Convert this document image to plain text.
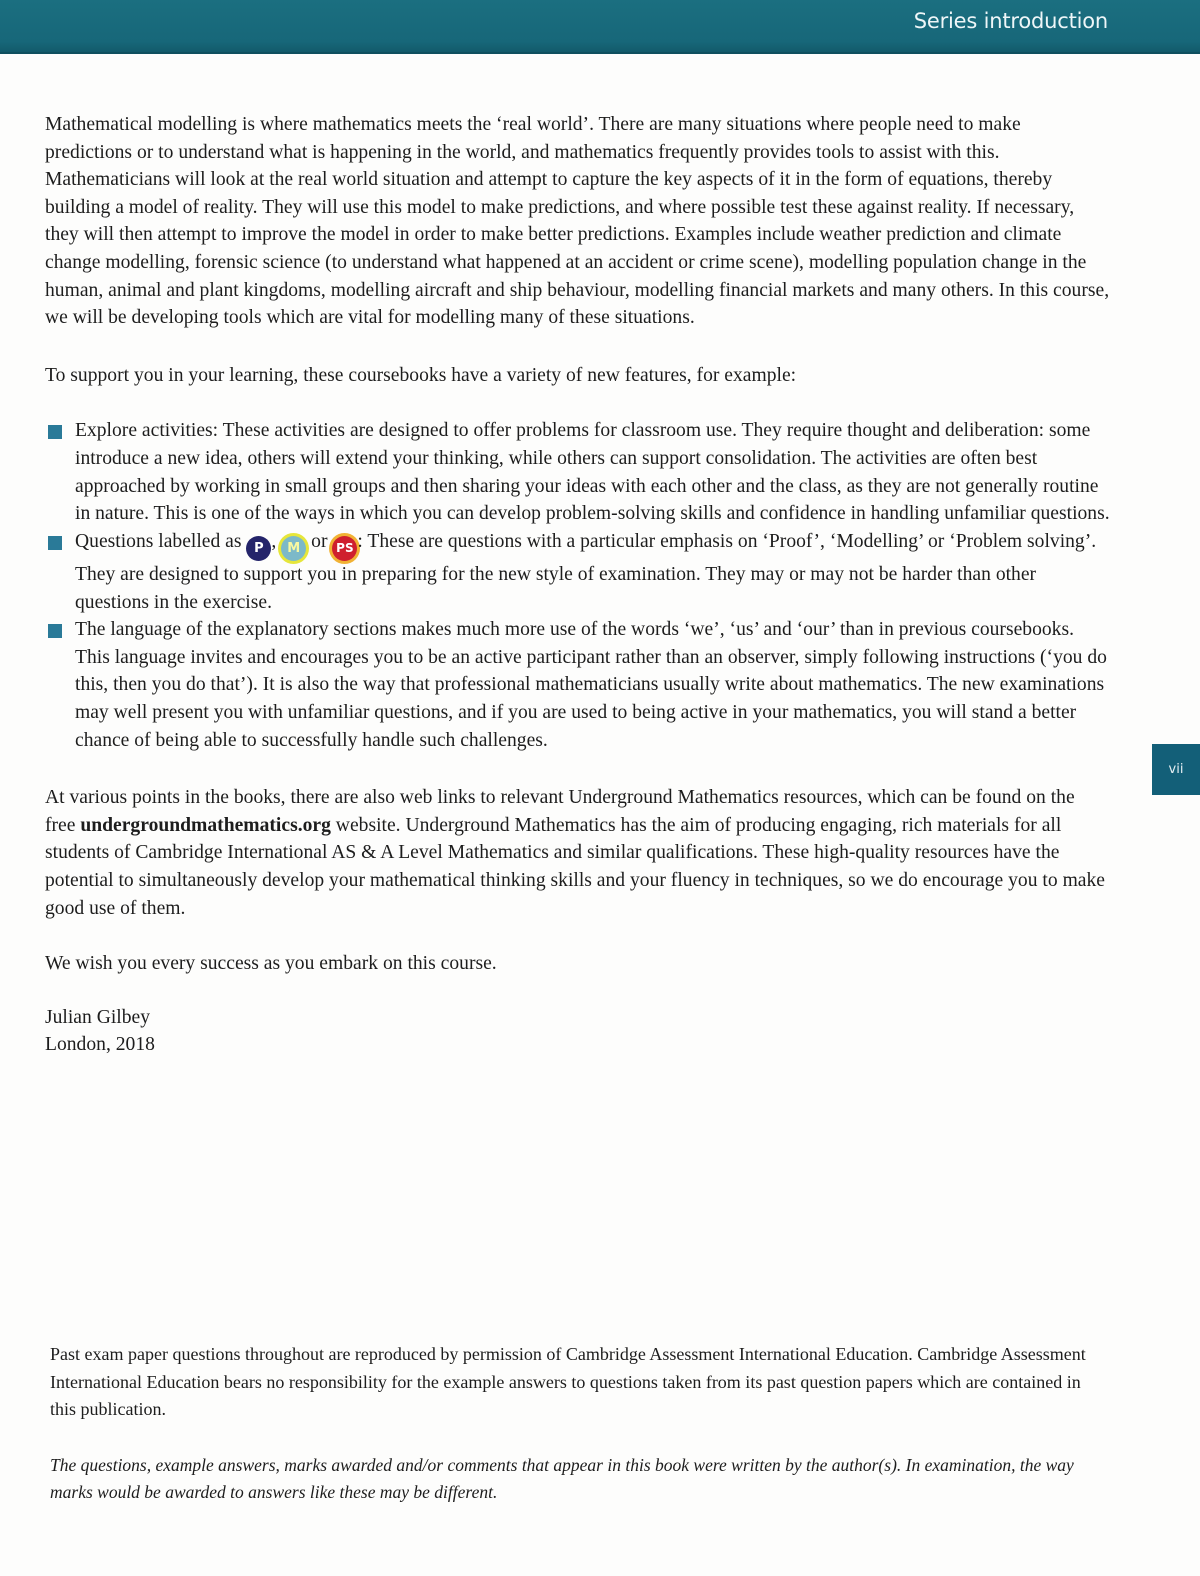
Series introduction
vii

Mathematical modelling is where mathematics meets the ‘real world’. There are many situations where people need to make predictions or to understand what is happening in the world, and mathematics frequently provides tools to assist with this. Mathematicians will look at the real world situation and attempt to capture the key aspects of it in the form of equations, thereby building a model of reality. They will use this model to make predictions, and where possible test these against reality. If necessary, they will then attempt to improve the model in order to make better predictions. Examples include weather prediction and climate change modelling, forensic science (to understand what happened at an accident or crime scene), modelling population change in the human, animal and plant kingdoms, modelling aircraft and ship behaviour, modelling financial markets and many others. In this course, we will be developing tools which are vital for modelling many of these situations.

To support you in your learning, these coursebooks have a variety of new features, for example:

Explore activities: These activities are designed to offer problems for classroom use. They require thought and deliberation: some introduce a new idea, others will extend your thinking, while others can support consolidation. The activities are often best approached by working in small groups and then sharing your ideas with each other and the class, as they are not generally routine in nature. This is one of the ways in which you can develop problem-solving skills and confidence in handling unfamiliar questions.
Questions labelled as P , M or PS : These are questions with a particular emphasis on ‘Proof’, ‘Modelling’ or ‘Problem solving’. They are designed to support you in preparing for the new style of examination. They may or may not be harder than other questions in the exercise.
The language of the explanatory sections makes much more use of the words ‘we’, ‘us’ and ‘our’ than in previous coursebooks. This language invites and encourages you to be an active participant rather than an observer, simply following instructions (‘you do this, then you do that’). It is also the way that professional mathematicians usually write about mathematics. The new examinations may well present you with unfamiliar questions, and if you are used to being active in your mathematics, you will stand a better chance of being able to successfully handle such challenges.

At various points in the books, there are also web links to relevant Underground Mathematics resources, which can be found on the free undergroundmathematics.org website. Underground Mathematics has the aim of producing engaging, rich materials for all students of Cambridge International AS & A Level Mathematics and similar qualifications. These high-quality resources have the potential to simultaneously develop your mathematical thinking skills and your fluency in techniques, so we do encourage you to make good use of them.

We wish you every success as you embark on this course.

Julian Gilbey
London, 2018

Past exam paper questions throughout are reproduced by permission of Cambridge Assessment International Education. Cambridge Assessment International Education bears no responsibility for the example answers to questions taken from its past question papers which are contained in this publication.

The questions, example answers, marks awarded and/or comments that appear in this book were written by the author(s). In examination, the way marks would be awarded to answers like these may be different.
